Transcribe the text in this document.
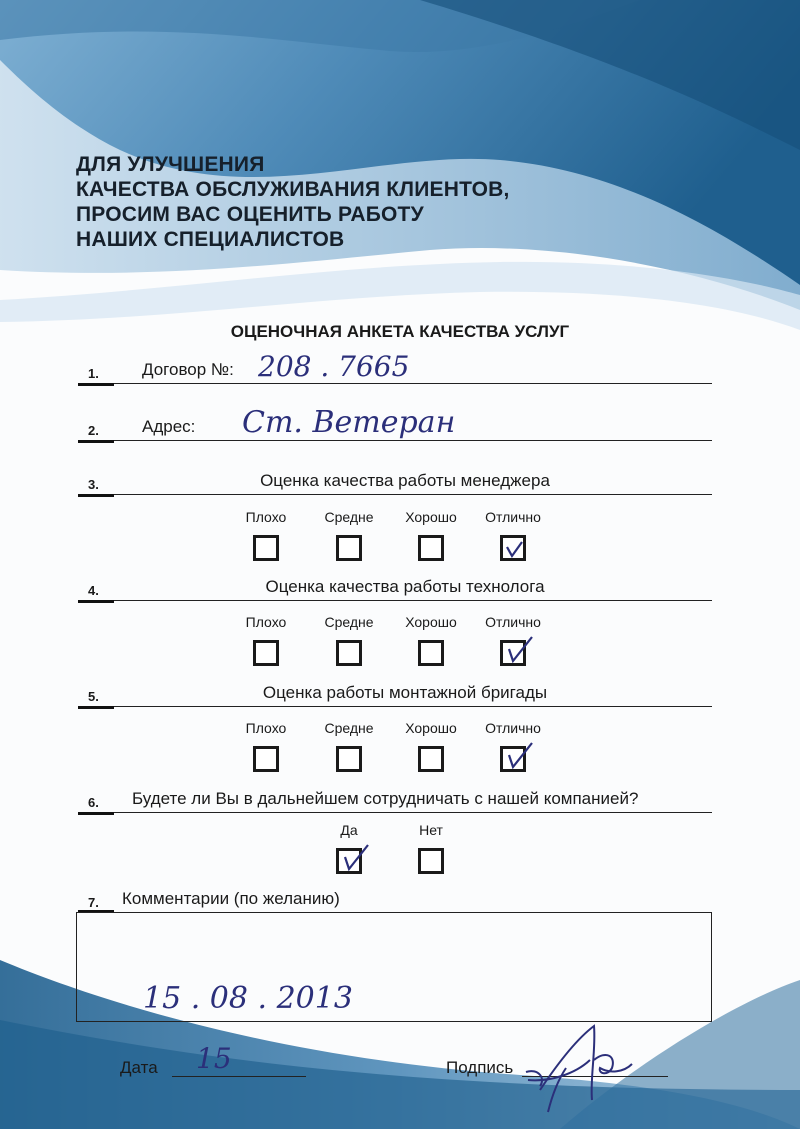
ДЛЯ УЛУЧШЕНИЯ
КАЧЕСТВА ОБСЛУЖИВАНИЯ КЛИЕНТОВ,
ПРОСИМ ВАС ОЦЕНИТЬ РАБОТУ
НАШИХ СПЕЦИАЛИСТОВ
ОЦЕНОЧНАЯ АНКЕТА КАЧЕСТВА УСЛУГ
1.	Договор №: 208 . 7665
2.	Адрес: Ст. Ветеран
3.	Оценка качества работы менеджера
Плохо	Средне	Хорошо	Отлично
4.	Оценка качества работы технолога
Плохо	Средне	Хорошо	Отлично
5.	Оценка работы монтажной бригады
Плохо	Средне	Хорошо	Отлично
6. Будете ли Вы в дальнейшем сотрудничать с нашей компанией?
Да	Нет
7. Комментарии (по желанию)
15 . 08 . 2013
Дата 15	Подпись
